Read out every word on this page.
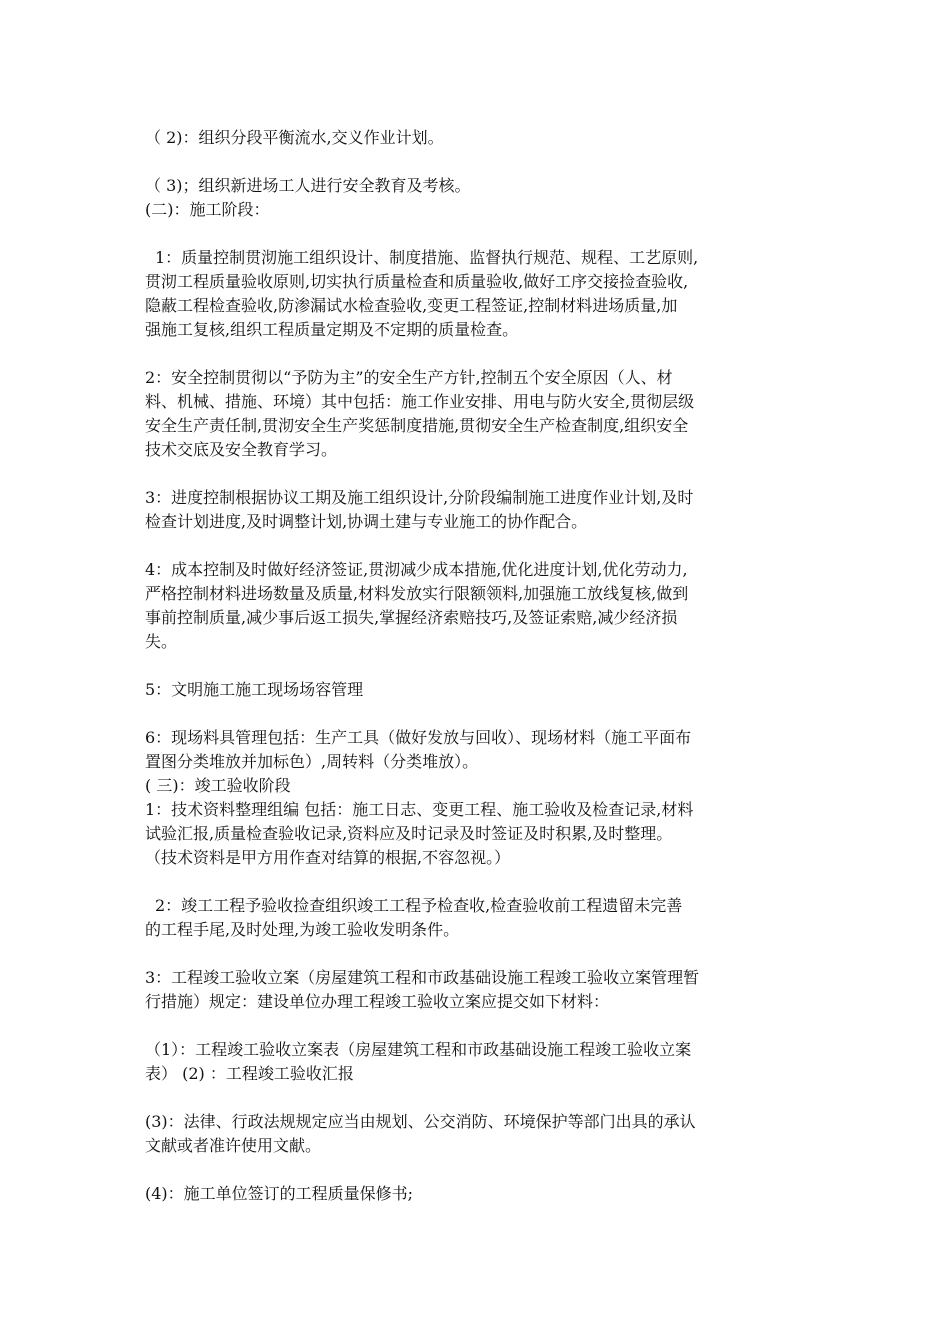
（ 2)：组织分段平衡流水,交义作业计划。
（ 3)；组织新进场工人进行安全教育及考核。
(二)：施工阶段：
1：质量控制贯沏施工组织设计、制度措施、监督执行规范、规程、工艺原则,
贯沏工程质量验收原则,切实执行质量检查和质量验收,做好工序交接捡查验收,
隐蔽工程检查验收,防渗漏试水检查验收,变更工程签证,控制材料进场质量,加
强施工复核,组织工程质量定期及不定期的质量检查。
2：安全控制贯彻以“予防为主”的安全生产方针,控制五个安全原因（人、材
料、机械、措施、环境）其中包括：施工作业安排、用电与防火安全,贯彻层级
安全生产责任制,贯沏安全生产奖惩制度措施,贯彻安全生产检查制度,组织安全
技术交底及安全教育学习。
3：进度控制根据协议工期及施工组织设计,分阶段编制施工进度作业计划,及时
检查计划进度,及时调整计划,协调土建与专业施工的协作配合。
4：成本控制及时做好经济签证,贯沏减少成本措施,优化进度计划,优化劳动力,
严格控制材料进场数量及质量,材料发放实行限额领料,加强施工放线复核,做到
事前控制质量,减少事后返工损失,掌握经济索赔技巧,及签证索赔,减少经济损
失。
5：文明施工施工现场场容管理
6：现场料具管理包括：生产工具（做好发放与回收）、现场材料（施工平面布
置图分类堆放并加标色）,周转料（分类堆放）。
( 三)：竣工验收阶段
1：技术资料整理组编 包括：施工日志、变更工程、施工验收及检查记录,材料
试验汇报,质量检查验收记录,资料应及时记录及时签证及时积累,及时整理。
（技术资料是甲方用作查对结算的根据,不容忽视。）
2：竣工工程予验收捡查组织竣工工程予检查收,检查验收前工程遗留未完善
的工程手尾,及时处理,为竣工验收发明条件。
3：工程竣工验收立案（房屋建筑工程和市政基础设施工程竣工验收立案管理暂
行措施）规定：建设单位办理工程竣工验收立案应提交如下材料：
（1）：工程竣工验收立案表（房屋建筑工程和市政基础设施工程竣工验收立案
表） (2) ：工程竣工验收汇报
(3)：法律、行政法规规定应当由规划、公交消防、环境保护等部门出具的承认
文献或者准许使用文献。
(4)：施工单位签订的工程质量保修书;
